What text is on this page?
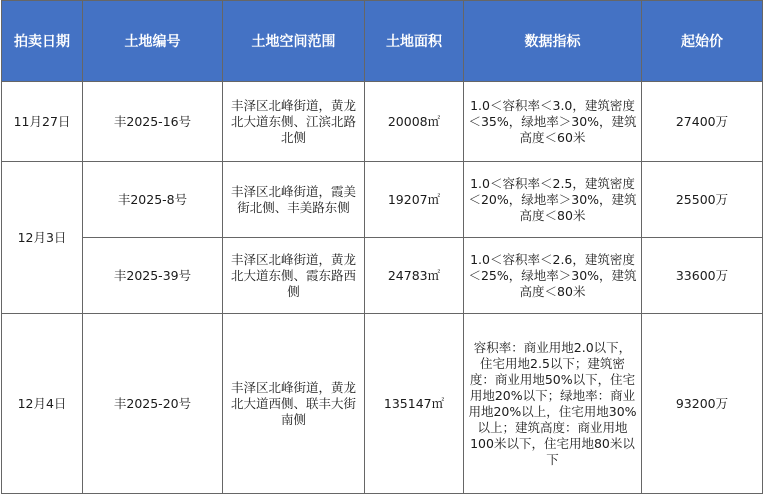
拍卖日期	土地编号	土地空间范围	土地面积	数据指标	起始价
11月27日	丰2025-16号	丰泽区北峰街道，黄龙北大道东侧、江滨北路北侧	20008㎡	1.0＜容积率＜3.0，建筑密度＜35%，绿地率＞30%，建筑高度＜60米	27400万
12月3日	丰2025-8号	丰泽区北峰街道，霞美街北侧、丰美路东侧	19207㎡	1.0＜容积率＜2.5，建筑密度＜20%，绿地率＞30%，建筑高度＜80米	25500万
	丰2025-39号	丰泽区北峰街道，黄龙北大道东侧、霞东路西侧	24783㎡	1.0＜容积率＜2.6，建筑密度＜25%，绿地率＞30%，建筑高度＜80米	33600万
12月4日	丰2025-20号	丰泽区北峰街道，黄龙北大道西侧、联丰大街南侧	135147㎡	容积率：商业用地2.0以下，住宅用地2.5以下；建筑密度：商业用地50%以下，住宅用地20%以下；绿地率：商业用地20%以上，住宅用地30%以上；建筑高度：商业用地100米以下，住宅用地80米以下	93200万
